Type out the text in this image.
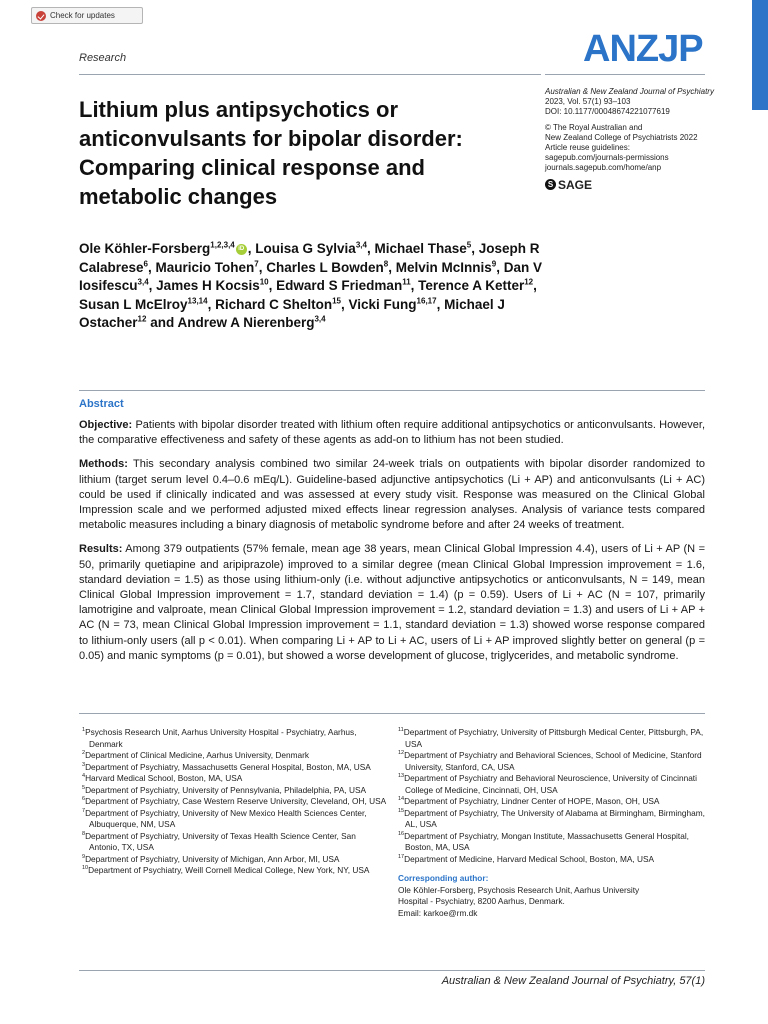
Check for updates
Research	ANZJP
Lithium plus antipsychotics or anticonvulsants for bipolar disorder: Comparing clinical response and metabolic changes
Australian & New Zealand Journal of Psychiatry
2023, Vol. 57(1) 93–103
DOI: 10.1177/00048674221077619
© The Royal Australian and
New Zealand College of Psychiatrists 2022
Article reuse guidelines:
sagepub.com/journals-permissions
journals.sagepub.com/home/anp
S SAGE
Ole Köhler-Forsberg$^{1,2,3,4}$ iD , Louisa G Sylvia$^{3,4}$, Michael Thase$^5$, Joseph R Calabrese$^6$, Mauricio Tohen$^7$, Charles L Bowden$^8$, Melvin McInnis$^9$, Dan V Iosifescu$^{3,4}$, James H Kocsis$^{10}$, Edward S Friedman$^{11}$, Terence A Ketter$^{12}$, Susan L McElroy$^{13,14}$, Richard C Shelton$^{15}$, Vicki Fung$^{16,17}$, Michael J Ostacher$^{12}$ and Andrew A Nierenberg$^{3,4}$
Abstract

Objective: Patients with bipolar disorder treated with lithium often require additional antipsychotics or anticonvulsants. However, the comparative effectiveness and safety of these agents as add-on to lithium has not been studied.

Methods: This secondary analysis combined two similar 24-week trials on outpatients with bipolar disorder randomized to lithium (target serum level 0.4–0.6 mEq/L). Guideline-based adjunctive antipsychotics (Li + AP) and anticonvulsants (Li + AC) could be used if clinically indicated and was assessed at every study visit. Response was measured on the Clinical Global Impression scale and we performed adjusted mixed effects linear regression analyses. Analysis of variance tests compared metabolic measures including a binary diagnosis of metabolic syndrome before and after 24 weeks of treatment.

Results: Among 379 outpatients (57% female, mean age 38 years, mean Clinical Global Impression 4.4), users of Li + AP (N = 50, primarily quetiapine and aripiprazole) improved to a similar degree (mean Clinical Global Impression improvement = 1.6, standard deviation = 1.5) as those using lithium-only (i.e. without adjunctive antipsychotics or anticonvulsants, N = 149, mean Clinical Global Impression improvement = 1.7, standard deviation = 1.4) (p = 0.59). Users of Li + AC (N = 107, primarily lamotrigine and valproate, mean Clinical Global Impression improvement = 1.2, standard deviation = 1.3) and users of Li + AP + AC (N = 73, mean Clinical Global Impression improvement = 1.1, standard deviation = 1.3) showed worse response compared to lithium-only users (all p < 0.01). When comparing Li + AP to Li + AC, users of Li + AP improved slightly better on general (p = 0.05) and manic symptoms (p = 0.01), but showed a worse development of glucose, triglycerides, and metabolic syndrome.

$^1$Psychosis Research Unit, Aarhus University Hospital - Psychiatry, Aarhus, Denmark

$^2$Department of Clinical Medicine, Aarhus University, Denmark

$^3$Department of Psychiatry, Massachusetts General Hospital, Boston, MA, USA

$^4$Harvard Medical School, Boston, MA, USA

$^5$Department of Psychiatry, University of Pennsylvania, Philadelphia, PA, USA

$^6$Department of Psychiatry, Case Western Reserve University, Cleveland, OH, USA

$^7$Department of Psychiatry, University of New Mexico Health Sciences Center, Albuquerque, NM, USA

$^8$Department of Psychiatry, University of Texas Health Science Center, San Antonio, TX, USA

$^9$Department of Psychiatry, University of Michigan, Ann Arbor, MI, USA

$^{10}$Department of Psychiatry, Weill Cornell Medical College, New York, NY, USA

$^{11}$Department of Psychiatry, University of Pittsburgh Medical Center, Pittsburgh, PA, USA

$^{12}$Department of Psychiatry and Behavioral Sciences, School of Medicine, Stanford University, Stanford, CA, USA

$^{13}$Department of Psychiatry and Behavioral Neuroscience, University of Cincinnati College of Medicine, Cincinnati, OH, USA

$^{14}$Department of Psychiatry, Lindner Center of HOPE, Mason, OH, USA

$^{15}$Department of Psychiatry, The University of Alabama at Birmingham, Birmingham, AL, USA

$^{16}$Department of Psychiatry, Mongan Institute, Massachusetts General Hospital, Boston, MA, USA

$^{17}$Department of Medicine, Harvard Medical School, Boston, MA, USA

Corresponding author:

Ole Köhler-Forsberg, Psychosis Research Unit, Aarhus University

Hospital - Psychiatry, 8200 Aarhus, Denmark.

Email: karkoe@rm.dk

Australian & New Zealand Journal of Psychiatry, 57(1)
